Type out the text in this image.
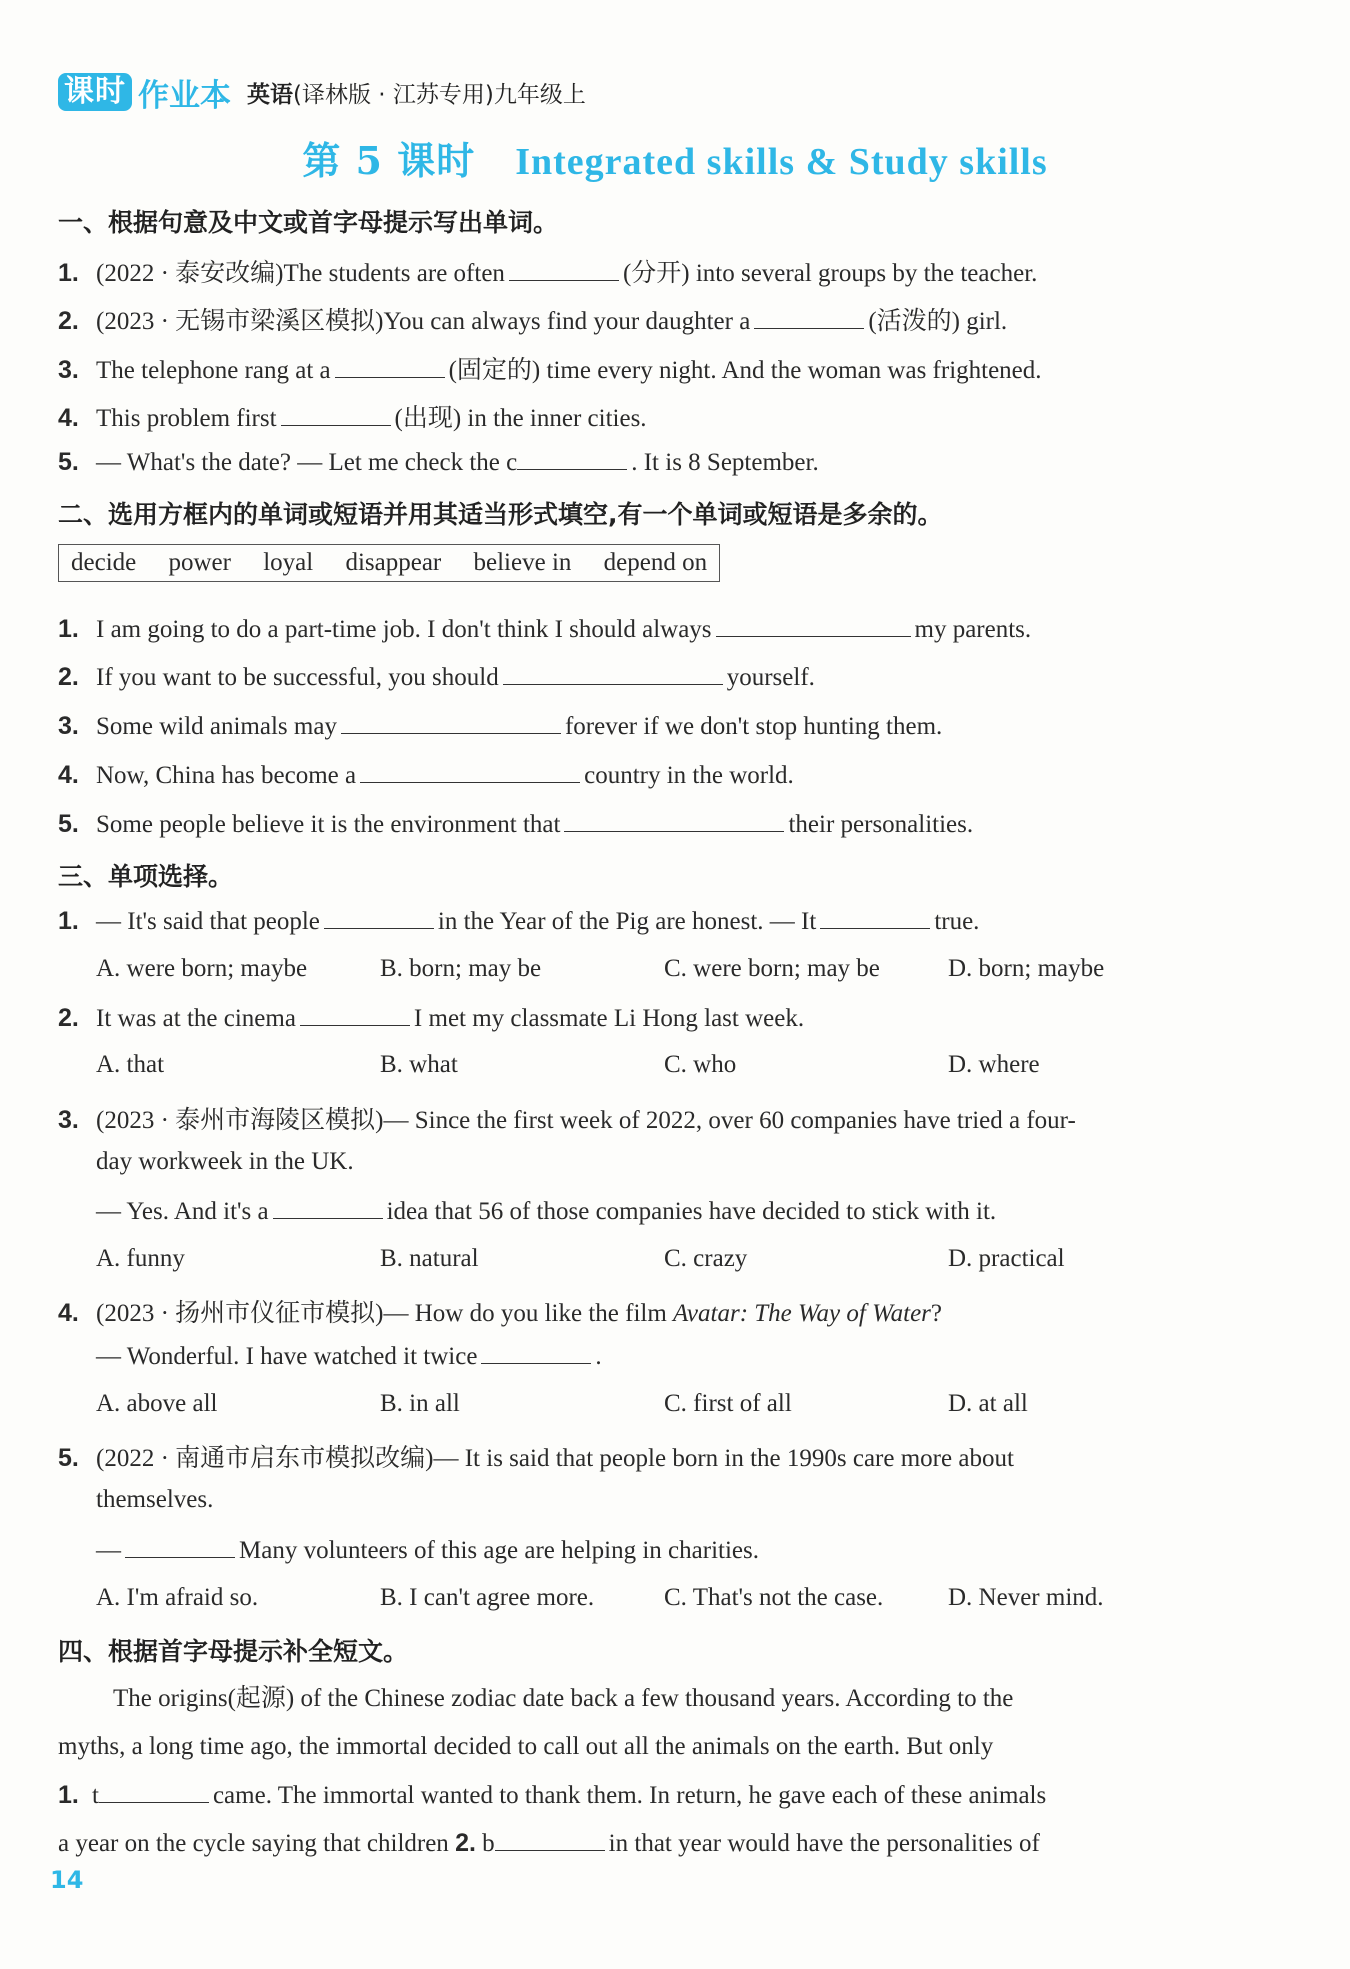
课时 作业本 英语(译林版 · 江苏专用)九年级上
第 5 课时 Integrated skills & Study skills
一、根据句意及中文或首字母提示写出单词。
1. (2022 · 泰安改编)The students are often	(分开) into several groups by the teacher.
2. (2023 · 无锡市梁溪区模拟)You can always find your daughter a	(活泼的) girl.
3. The telephone rang at a	(固定的) time every night. And the woman was frightened.
4. This problem first	(出现) in the inner cities.
5. — What's the date? — Let me check the c	. It is 8 September.
二、选用方框内的单词或短语并用其适当形式填空,有一个单词或短语是多余的。
decide power loyal disappear believe in depend on
1. I am going to do a part-time job. I don't think I should always	my parents.
2. If you want to be successful, you should	yourself.
3. Some wild animals may	forever if we don't stop hunting them.
4. Now, China has become a	country in the world.
5. Some people believe it is the environment that	their personalities.
三、单项选择。
1. — It's said that people	in the Year of the Pig are honest. — It	true.
A. were born; maybe	B. born; may be	C. were born; may be	D. born; maybe
2. It was at the cinema	I met my classmate Li Hong last week.
A. that	B. what	C. who	D. where
3. (2023 · 泰州市海陵区模拟)— Since the first week of 2022, over 60 companies have tried a four-
day workweek in the UK.
— Yes. And it's a	idea that 56 of those companies have decided to stick with it.
A. funny	B. natural	C. crazy	D. practical
4. (2023 · 扬州市仪征市模拟)— How do you like the film Avatar: The Way of Water?
— Wonderful. I have watched it twice	.
A. above all	B. in all	C. first of all	D. at all
5. (2022 · 南通市启东市模拟改编)— It is said that people born in the 1990s care more about
themselves.
—	Many volunteers of this age are helping in charities.
A. I'm afraid so.	B. I can't agree more.	C. That's not the case.	D. Never mind.
四、根据首字母提示补全短文。
The origins(起源) of the Chinese zodiac date back a few thousand years. According to the
myths, a long time ago, the immortal decided to call out all the animals on the earth. But only
1. t	came. The immortal wanted to thank them. In return, he gave each of these animals
a year on the cycle saying that children 2. b	in that year would have the personalities of
14
